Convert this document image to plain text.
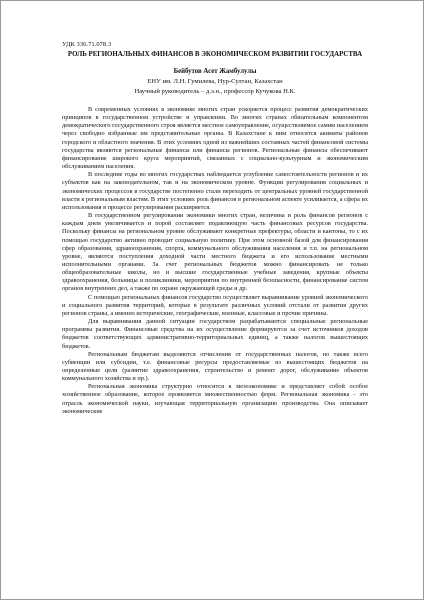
УДК 336.71.078.3
РОЛЬ РЕГИОНАЛЬНЫХ ФИНАНСОВ В ЭКОНОМИЧЕСКОМ РАЗВИТИИ ГОСУДАРСТВА
Бейбутов Асет Жамбулулы
ЕНУ им. Л.Н. Гумилева, Нур-Султан, Казахстан
Научный руководитель – д.э.н., профессор Кучукова Н.К.

В современных условиях в экономике многих стран ускоряется процесс развития демократических принципов в государственном устройстве и управлении. Во многих странах обязательным компонентом демократического государственного строя является местное самоуправление, осуществляемое самим населением через свободно избранные им представительные органы. В Казахстане к ним относятся акиматы районов городского и областного значения. В этих условиях одной из важнейших составных частей финансовой системы государства являются региональные финансы или финансы регионов. Региональные финансы обеспечивают финансирование широкого круга мероприятий, связанных с социально-культурным и экономическим обслуживанием населения.

В последние годы во многих государствах наблюдается углубление самостоятельности регионов и их субъектов как на законодательном, так и на экономическом уровне. Функции регулирования социальных и экономических процессов в государстве постепенно стали переходить от центральных уровней государственной власти к региональным властям. В этих условиях роль финансов в региональном аспекте усиливается, а сфера их использования в процессе регулирования расширяется.

В государственном регулировании экономики многих стран, величина и роль финансов регионов с каждым днем увеличивается и порой составляет подавляющую часть финансовых ресурсов государства. Поскольку финансы на региональном уровне обслуживают конкретные префектуры, области и кантоны, то с их помощью государство активно проводит социальную политику. При этом основной базой для финансирования сфер образования, здравоохранения, спорта, коммунального обслуживания населения и т.п. на региональном уровне, являются поступления доходной части местного бюджета и его использование местными исполнительными органами. За счет региональных бюджетов можно финансировать не только общеобразовательные школы, но и высшие государственные учебные заведения, крупные объекты здравоохранения, больницы и поликлиники, мероприятия по внутренней безопасности, финансирование систем органов внутренних дел, а также по охране окружающей среды и др.

С помощью региональных финансов государство осуществляет выравнивание уровней экономического и социального развития территорий, которые в результате различных условий отстали от развития других регионов страны, а именно исторические, географические, военные, классовые и прочие причины.

Для выравнивания данной ситуации государством разрабатываются специальные региональные программы развития. Финансовые средства на их осуществление формируются за счет источников доходов бюджетов соответствующих административно-территориальных единиц, а также налогов вышестоящих бюджетов.

Региональным бюджетам выделяются отчисления от государственных налогов, но также всего субвенции или субсидии, т.е. финансовые ресурсы предоставляемые из вышестоящих бюджетов на определенные цели (развитие здравоохранения, строительство и ремонт дорог, обслуживание объектов коммунального хозяйства и пр.).

Региональная экономика структурно относится к мезоэкономике и представляет собой особое хозяйственное образование, которое проявляется множественностью форм. Региональная экономика - это отрасль экономической науки, изучающая территориальную организацию производства. Она описывает экономические
